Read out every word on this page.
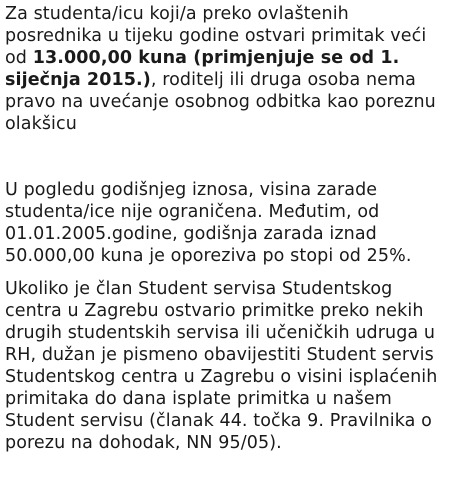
Za studenta/icu koji/a preko ovlaštenih posrednika u tijeku godine ostvari primitak veći od 13.000,00 kuna (primjenjuje se od 1. siječnja 2015.), roditelj ili druga osoba nema pravo na uvećanje osobnog odbitka kao poreznu olakšicu

U pogledu godišnjeg iznosa, visina zarade studenta/ice nije ograničena. Međutim, od 01.01.2005.godine, godišnja zarada iznad 50.000,00 kuna je oporeziva po stopi od 25%.

Ukoliko je član Student servisa Studentskog centra u Zagrebu ostvario primitke preko nekih drugih studentskih servisa ili učeničkih udruga u RH, dužan je pismeno obavijestiti Student servis Studentskog centra u Zagrebu o visini isplaćenih primitaka do dana isplate primitka u našem Student servisu (članak 44. točka 9. Pravilnika o porezu na dohodak, NN 95/05).
